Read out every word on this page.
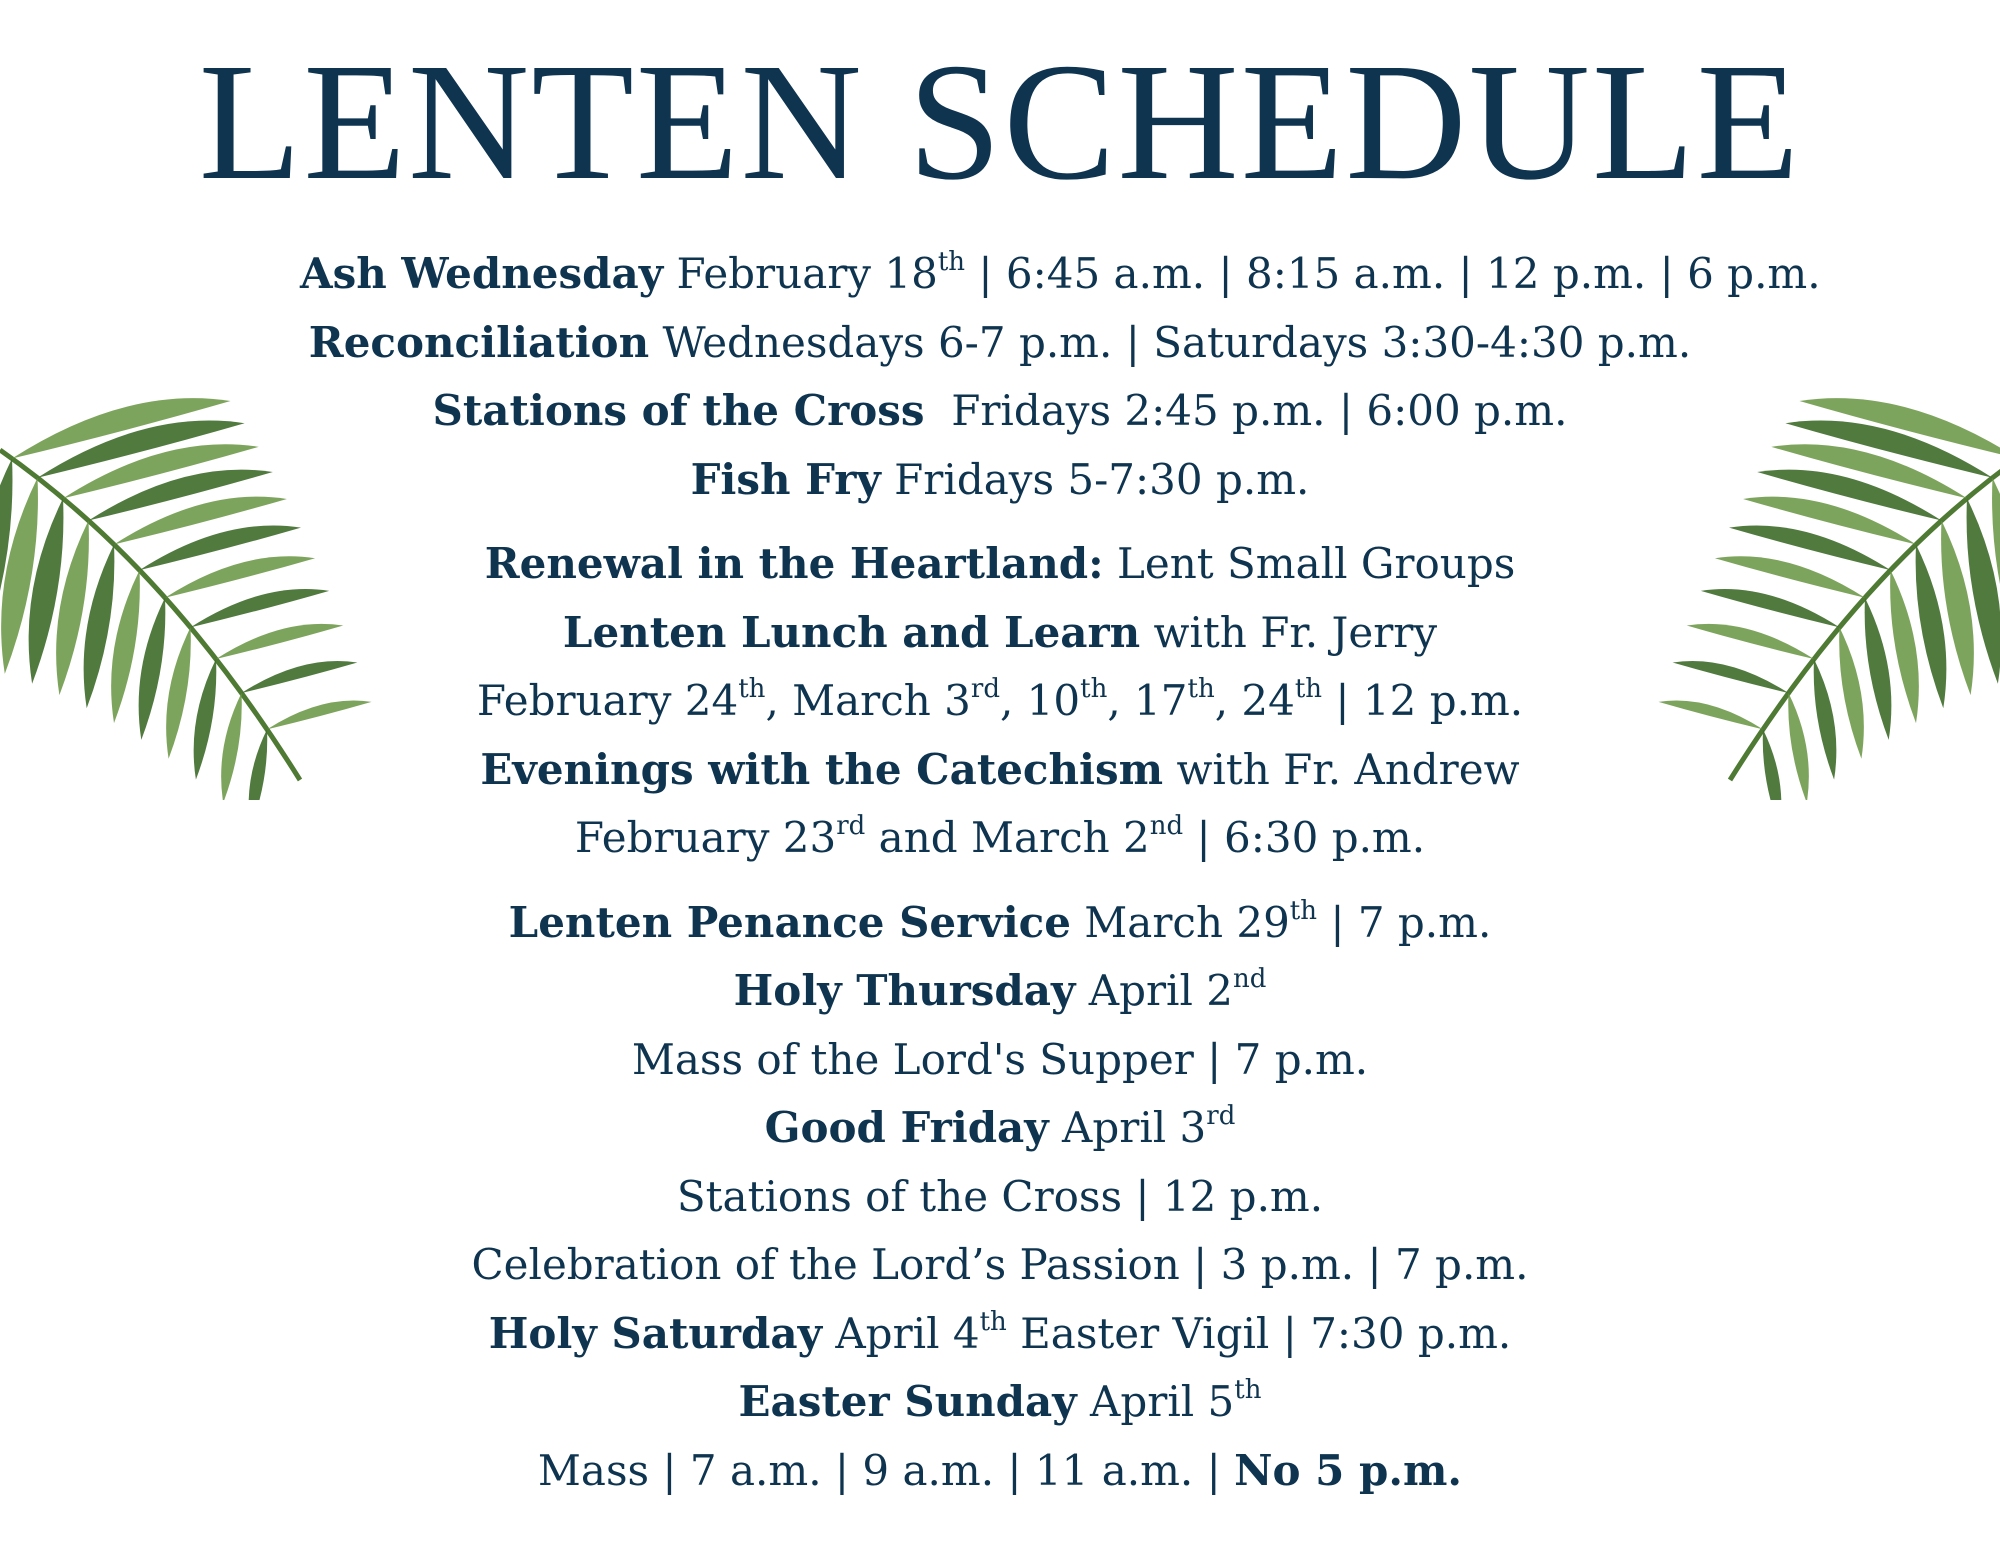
LENTEN SCHEDULE
Ash Wednesday February 18th | 6:45 a.m. | 8:15 a.m. | 12 p.m. | 6 p.m.
Reconciliation Wednesdays 6-7 p.m. | Saturdays 3:30-4:30 p.m.
Stations of the Cross  Fridays 2:45 p.m. | 6:00 p.m.
Fish Fry Fridays 5-7:30 p.m.
Renewal in the Heartland: Lent Small Groups
Lenten Lunch and Learn with Fr. Jerry
February 24th, March 3rd, 10th, 17th, 24th | 12 p.m.
Evenings with the Catechism with Fr. Andrew
February 23rd and March 2nd | 6:30 p.m.
Lenten Penance Service March 29th | 7 p.m.
Holy Thursday April 2nd
Mass of the Lord's Supper | 7 p.m.
Good Friday April 3rd
Stations of the Cross | 12 p.m.
Celebration of the Lord’s Passion | 3 p.m. | 7 p.m.
Holy Saturday April 4th Easter Vigil | 7:30 p.m.
Easter Sunday April 5th
Mass | 7 a.m. | 9 a.m. | 11 a.m. | No 5 p.m.
